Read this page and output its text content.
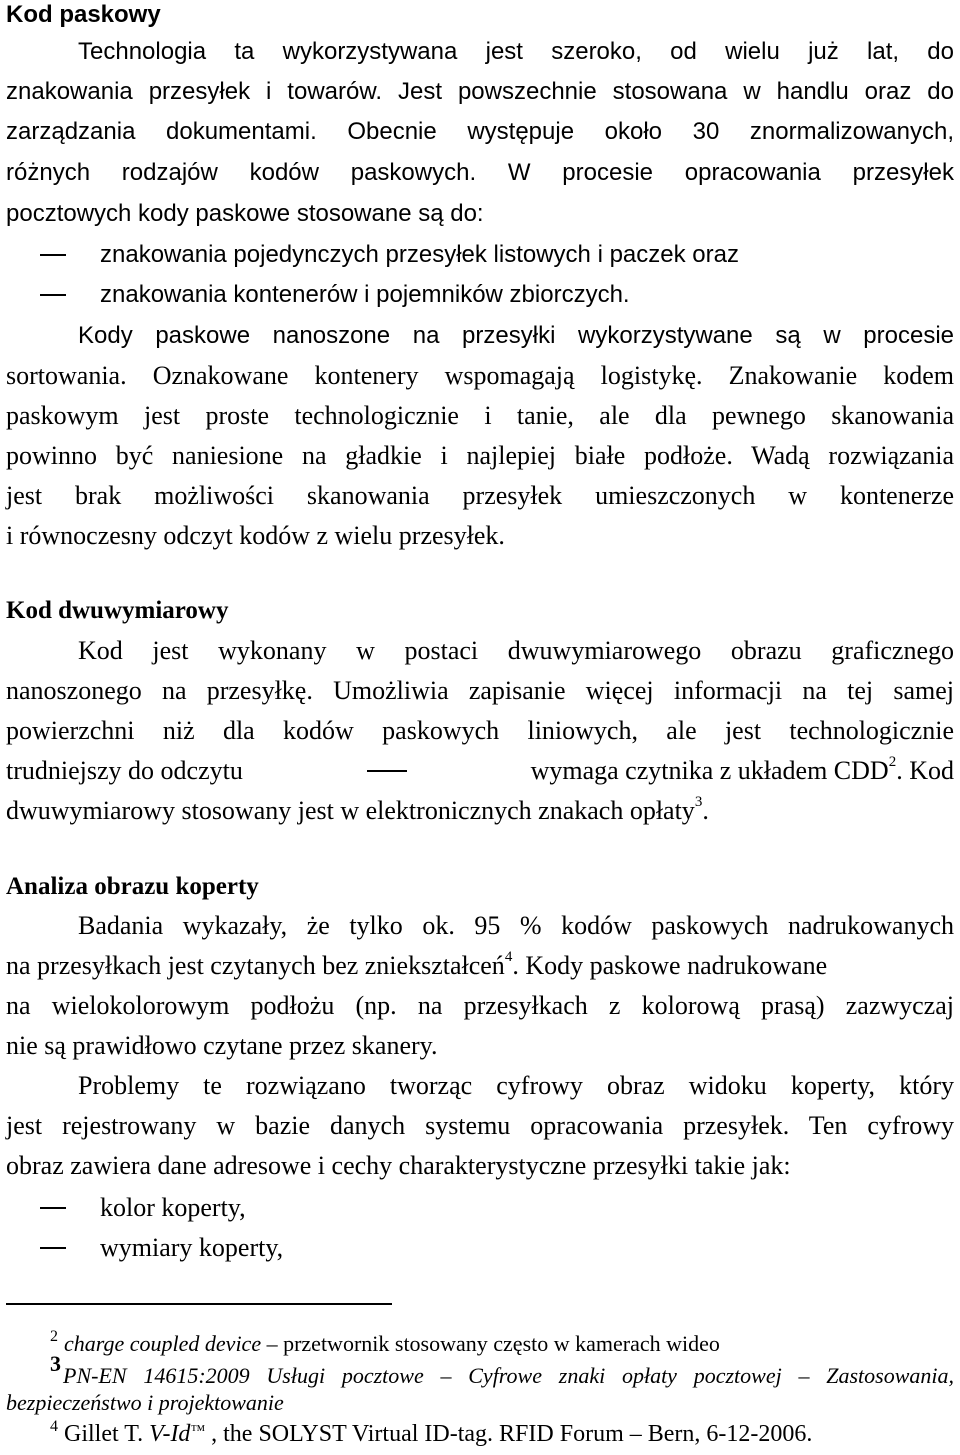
Kod paskowy
Technologia ta wykorzystywana jest szeroko, od wielu już lat, do
znakowania przesyłek i towarów. Jest powszechnie stosowana w handlu oraz do
zarządzania dokumentami. Obecnie występuje około 30 znormalizowanych,
różnych rodzajów kodów paskowych. W procesie opracowania przesyłek
pocztowych kody paskowe stosowane są do:
znakowania pojedynczych przesyłek listowych i paczek oraz
znakowania kontenerów i pojemników zbiorczych.
Kody paskowe nanoszone na przesyłki wykorzystywane są w procesie
sortowania. Oznakowane kontenery wspomagają logistykę. Znakowanie kodem
paskowym jest proste technologicznie i tanie, ale dla pewnego skanowania
powinno być naniesione na gładkie i najlepiej białe podłoże. Wadą rozwiązania
jest brak możliwości skanowania przesyłek umieszczonych w kontenerze
i równoczesny odczyt kodów z wielu przesyłek.
Kod dwuwymiarowy
Kod jest wykonany w postaci dwuwymiarowego obrazu graficznego
nanoszonego na przesyłkę. Umożliwia zapisanie więcej informacji na tej samej
powierzchni niż dla kodów paskowych liniowych, ale jest technologicznie
trudniejszy do odczytu	wymaga czytnika z układem CDD$^2$. Kod
dwuwymiarowy stosowany jest w elektronicznych znakach opłaty$^3$.
Analiza obrazu koperty
Badania wykazały, że tylko ok. 95 % kodów paskowych nadrukowanych
na przesyłkach jest czytanych bez zniekształceń$^4$. Kody paskowe nadrukowane
na wielokolorowym podłożu (np. na przesyłkach z kolorową prasą) zazwyczaj
nie są prawidłowo czytane przez skanery.
Problemy te rozwiązano tworząc cyfrowy obraz widoku koperty, który
jest rejestrowany w bazie danych systemu opracowania przesyłek. Ten cyfrowy
obraz zawiera dane adresowe i cechy charakterystyczne przesyłki takie jak:
kolor koperty,
wymiary koperty,
$^2$ charge coupled device – przetwornik stosowany często w kamerach wideo
3PN-EN 14615:2009 Usługi pocztowe – Cyfrowe znaki opłaty pocztowej – Zastosowania,
bezpieczeństwo i projektowanie
$^4$ Gillet T. V-Id™ , the SOLYST Virtual ID-tag. RFID Forum – Bern, 6-12-2006.
